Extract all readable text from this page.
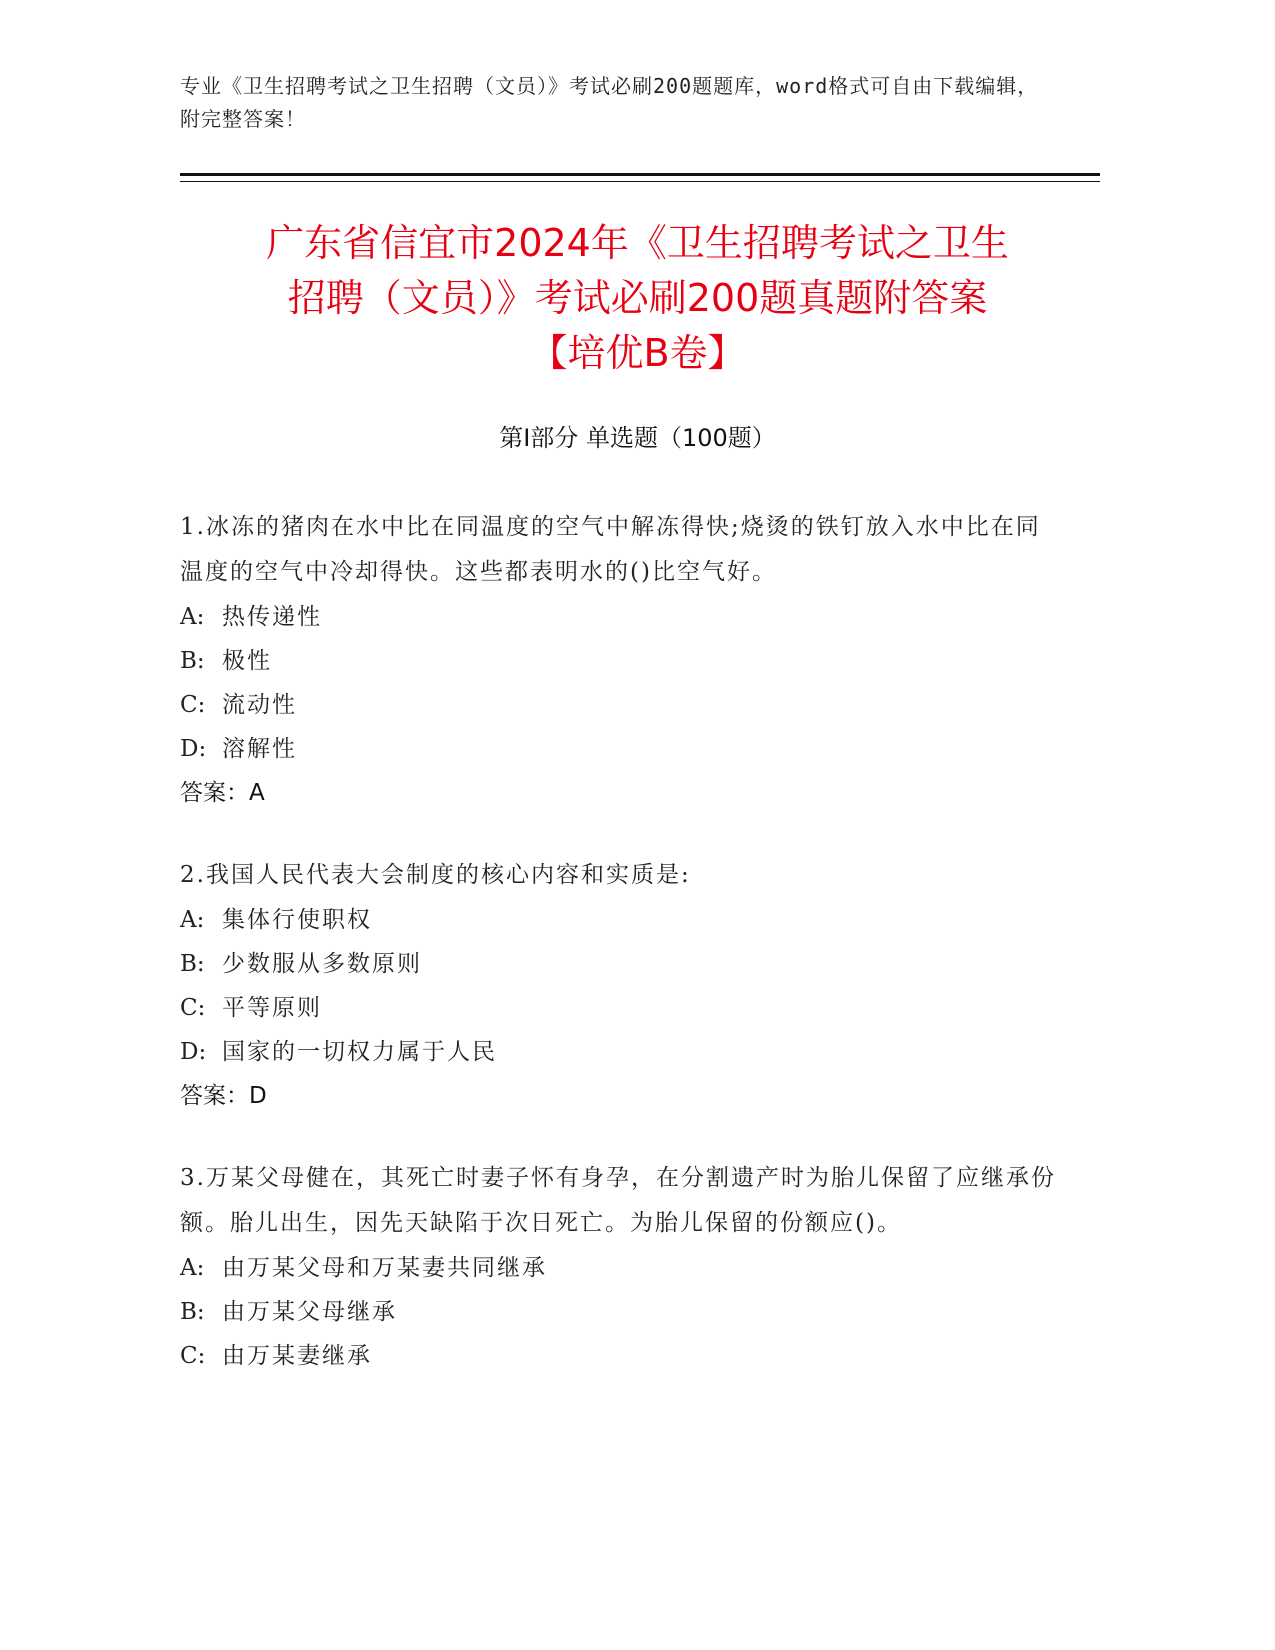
专业《卫生招聘考试之卫生招聘（文员）》考试必刷200题题库，word格式可自由下载编辑，附完整答案！
广东省信宜市2024年《卫生招聘考试之卫生
招聘（文员）》考试必刷200题真题附答案
【培优B卷】
第Ⅰ部分 单选题（100题）
1.冰冻的猪肉在水中比在同温度的空气中解冻得快;烧烫的铁钉放入水中比在同温度的空气中冷却得快。这些都表明水的()比空气好。
A: 热传递性
B: 极性
C: 流动性
D: 溶解性
答案：A
2.我国人民代表大会制度的核心内容和实质是:
A: 集体行使职权
B: 少数服从多数原则
C: 平等原则
D: 国家的一切权力属于人民
答案：D
3.万某父母健在，其死亡时妻子怀有身孕，在分割遗产时为胎儿保留了应继承份额。胎儿出生，因先天缺陷于次日死亡。为胎儿保留的份额应()。
A: 由万某父母和万某妻共同继承
B: 由万某父母继承
C: 由万某妻继承
